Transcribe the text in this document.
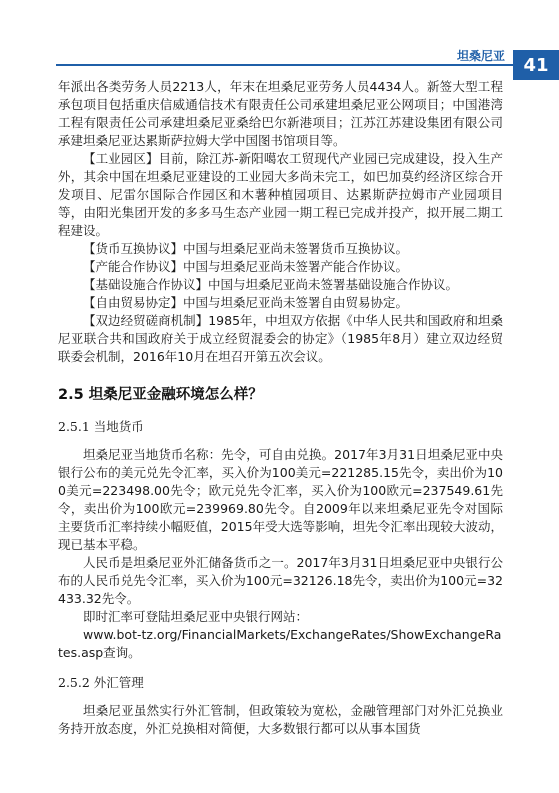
坦桑尼亚	41

年派出各类劳务人员2213人，年末在坦桑尼亚劳务人员4434人。新签大型工程承包项目包括重庆信威通信技术有限责任公司承建坦桑尼亚公网项目；中国港湾工程有限责任公司承建坦桑尼亚桑给巴尔新港项目；江苏江苏建设集团有限公司承建坦桑尼亚达累斯萨拉姆大学中国图书馆项目等。

【工业园区】目前，除江苏-新阳噶农工贸现代产业园已完成建设，投入生产外，其余中国在坦桑尼亚建设的工业园大多尚未完工，如巴加莫约经济区综合开发项目、尼雷尔国际合作园区和木薯种植园项目、达累斯萨拉姆市产业园项目等，由阳光集团开发的多多马生态产业园一期工程已完成并投产，拟开展二期工程建设。

【货币互换协议】中国与坦桑尼亚尚未签署货币互换协议。

【产能合作协议】中国与坦桑尼亚尚未签署产能合作协议。

【基础设施合作协议】中国与坦桑尼亚尚未签署基础设施合作协议。

【自由贸易协定】中国与坦桑尼亚尚未签署自由贸易协定。

【双边经贸磋商机制】1985年，中坦双方依据《中华人民共和国政府和坦桑尼亚联合共和国政府关于成立经贸混委会的协定》（1985年8月）建立双边经贸联委会机制，2016年10月在坦召开第五次会议。

2.5 坦桑尼亚金融环境怎么样？
2.5.1 当地货币

坦桑尼亚当地货币名称：先令，可自由兑换。2017年3月31日坦桑尼亚中央银行公布的美元兑先令汇率，买入价为100美元=221285.15先令，卖出价为100美元=223498.00先令；欧元兑先令汇率，买入价为100欧元=237549.61先令，卖出价为100欧元=239969.80先令。自2009年以来坦桑尼亚先令对国际主要货币汇率持续小幅贬值，2015年受大选等影响，坦先令汇率出现较大波动，现已基本平稳。

人民币是坦桑尼亚外汇储备货币之一。2017年3月31日坦桑尼亚中央银行公布的人民币兑先令汇率，买入价为100元=32126.18先令，卖出价为100元=32433.32先令。

即时汇率可登陆坦桑尼亚中央银行网站：

www.bot-tz.org/FinancialMarkets/ExchangeRates/ShowExchangeRates.asp查询。

2.5.2 外汇管理

坦桑尼亚虽然实行外汇管制，但政策较为宽松，金融管理部门对外汇兑换业务持开放态度，外汇兑换相对简便，大多数银行都可以从事本国货
